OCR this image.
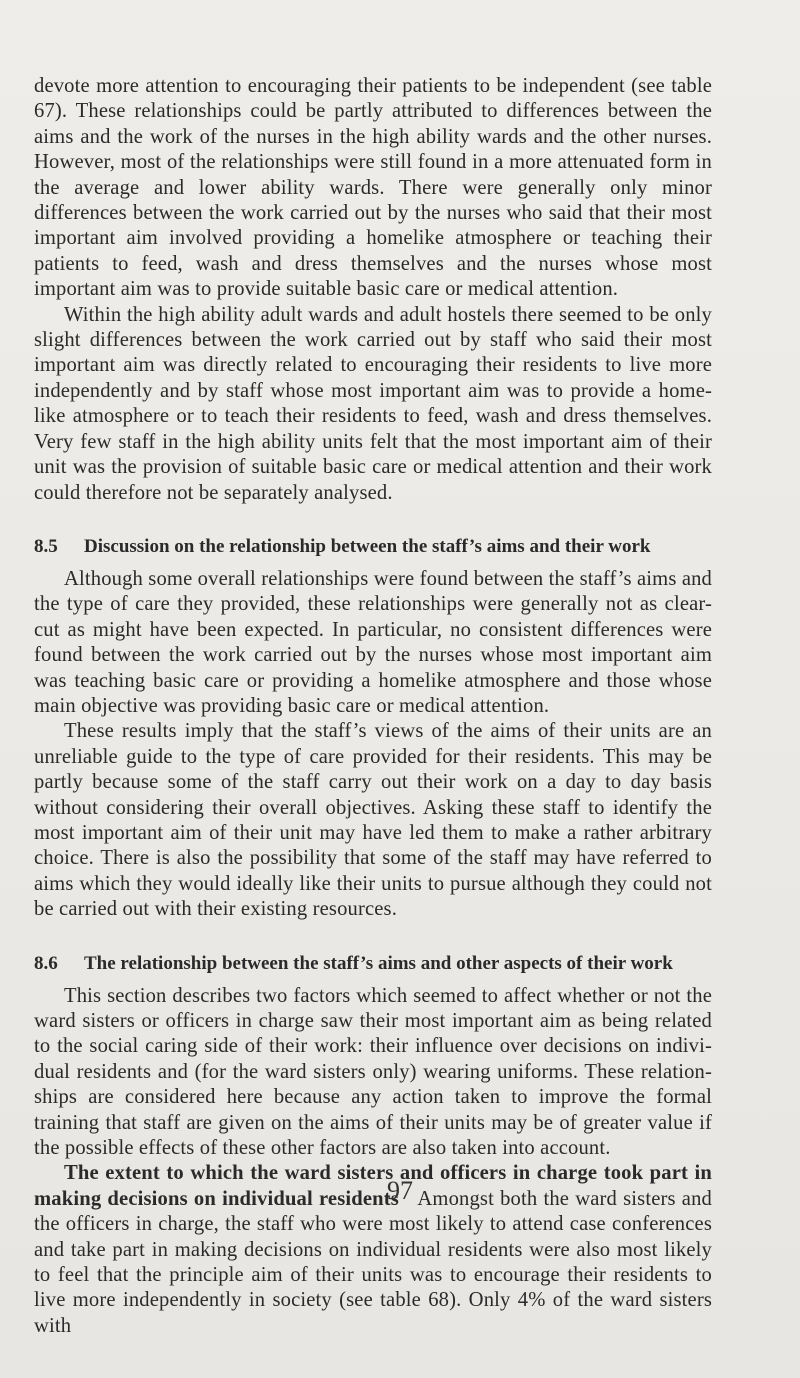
devote more attention to encouraging their patients to be independent (see table 67). These relationships could be partly attributed to differences between the aims and the work of the nurses in the high ability wards and the other nurses. However, most of the relationships were still found in a more attenuated form in the average and lower ability wards. There were generally only minor differences between the work carried out by the nurses who said that their most important aim involved providing a homelike atmosphere or teaching their patients to feed, wash and dress themselves and the nurses whose most important aim was to provide suitable basic care or medical attention.

Within the high ability adult wards and adult hostels there seemed to be only slight differences between the work carried out by staff who said their most important aim was directly related to encouraging their residents to live more independently and by staff whose most important aim was to provide a home-like atmosphere or to teach their residents to feed, wash and dress themselves. Very few staff in the high ability units felt that the most important aim of their unit was the provision of suitable basic care or medical attention and their work could therefore not be separately analysed.

8.5 Discussion on the relationship between the staff’s aims and their work

Although some overall relationships were found between the staff’s aims and the type of care they provided, these relationships were generally not as clear-cut as might have been expected. In particular, no consistent differences were found between the work carried out by the nurses whose most important aim was teaching basic care or providing a homelike atmosphere and those whose main objective was providing basic care or medical attention.

These results imply that the staff’s views of the aims of their units are an unreliable guide to the type of care provided for their residents. This may be partly because some of the staff carry out their work on a day to day basis without considering their overall objectives. Asking these staff to identify the most important aim of their unit may have led them to make a rather arbitrary choice. There is also the possibility that some of the staff may have referred to aims which they would ideally like their units to pursue although they could not be carried out with their existing resources.

8.6 The relationship between the staff’s aims and other aspects of their work

This section describes two factors which seemed to affect whether or not the ward sisters or officers in charge saw their most important aim as being related to the social caring side of their work: their influence over decisions on indivi-dual residents and (for the ward sisters only) wearing uniforms. These relation-ships are considered here because any action taken to improve the formal training that staff are given on the aims of their units may be of greater value if the possible effects of these other factors are also taken into account.

The extent to which the ward sisters and officers in charge took part in making decisions on individual residents Amongst both the ward sisters and the officers in charge, the staff who were most likely to attend case conferences and take part in making decisions on individual residents were also most likely to feel that the principle aim of their units was to encourage their residents to live more independently in society (see table 68). Only 4% of the ward sisters with

97
